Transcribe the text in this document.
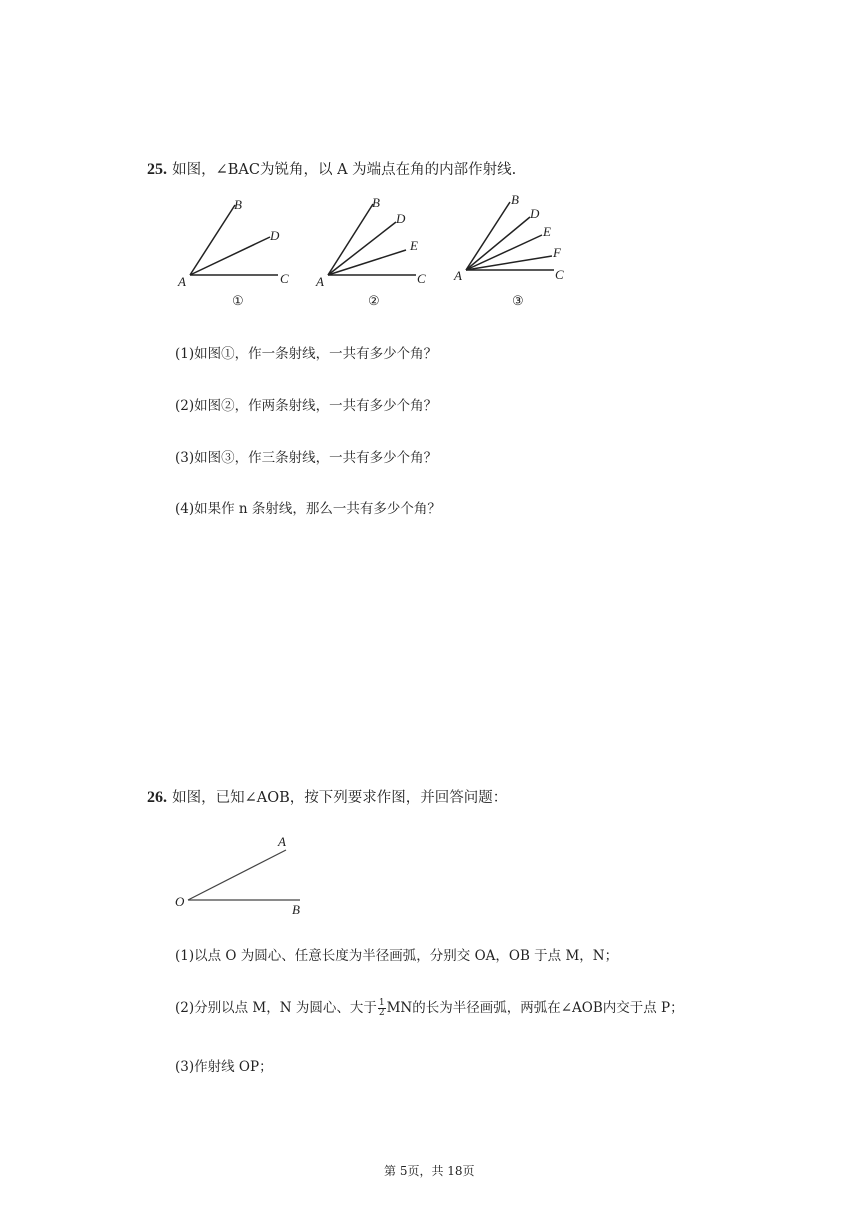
25. 如图，∠BAC为锐角，以 A 为端点在角的内部作射线.
A
B
D
C
①
A
B
D
E
C
②
A
B
D
E
F
C
③
(1)如图①，作一条射线，一共有多少个角？
(2)如图②，作两条射线，一共有多少个角？
(3)如图③，作三条射线，一共有多少个角？
(4)如果作 n 条射线，那么一共有多少个角？
26. 如图，已知∠AOB，按下列要求作图，并回答问题：
O
A
B
(1)以点 O 为圆心、任意长度为半径画弧，分别交 OA，OB 于点 M，N；
(2)分别以点 M，N 为圆心、大于 $\frac{1}{2}$ MN的长为半径画弧，两弧在∠AOB内交于点 P；
(3)作射线 OP；
第 5页，共 18页
